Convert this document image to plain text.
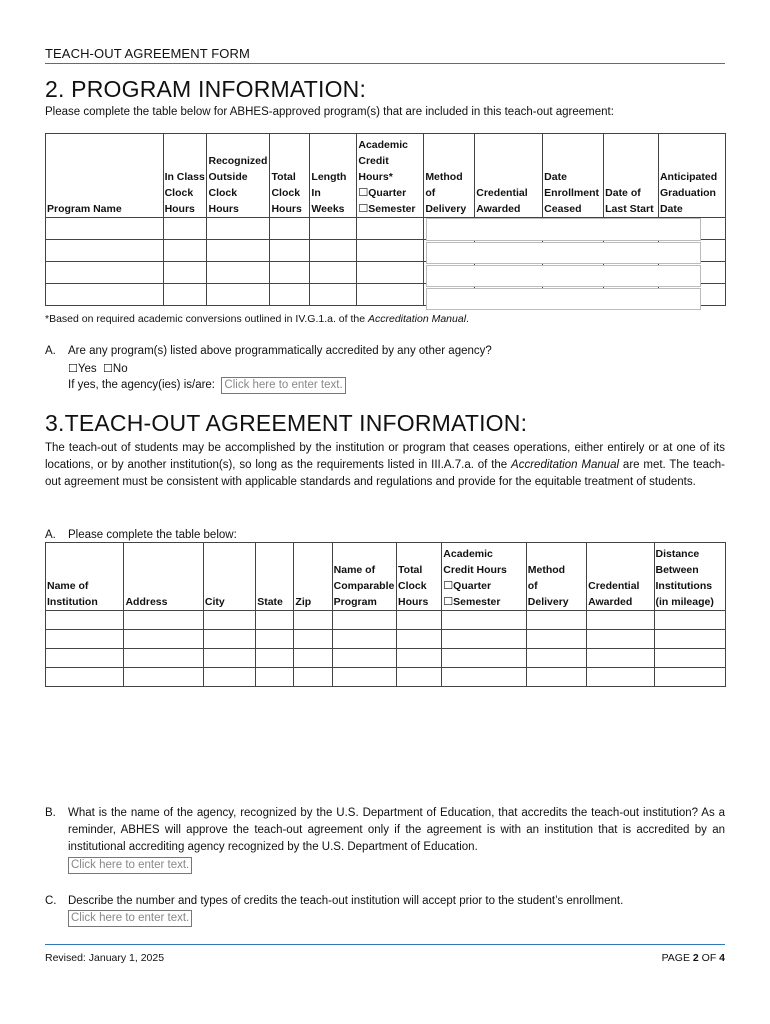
TEACH-OUT AGREEMENT FORM
2. PROGRAM INFORMATION:
Please complete the table below for ABHES-approved program(s) that are included in this teach-out agreement:
Program Name	In Class
Clock
Hours	Recognized
Outside
Clock
Hours	Total
Clock
Hours	Length
In
Weeks	Academic
Credit
Hours*
☐Quarter
☐Semester	Method
of
Delivery	Credential
Awarded	Date
Enrollment
Ceased	Date of
Last Start	Anticipated
Graduation
Date

*Based on required academic conversions outlined in IV.G.1.a. of the Accreditation Manual.
A. Are any program(s) listed above programmatically accredited by any other agency?
☐Yes ☐No
If yes, the agency(ies) is/are: Click here to enter text.
3.TEACH-OUT AGREEMENT INFORMATION:
The teach-out of students may be accomplished by the institution or program that ceases operations, either entirely or at one of its locations, or by another institution(s), so long as the requirements listed in III.A.7.a. of the Accreditation Manual are met. The teach-out agreement must be consistent with applicable standards and regulations and provide for the equitable treatment of students.
A. Please complete the table below:
Name of
Institution	Address	City	State	Zip	Name of
Comparable
Program	Total
Clock
Hours	Academic
Credit Hours
☐Quarter
☐Semester	Method
of
Delivery	Credential
Awarded	Distance
Between
Institutions
(in mileage)

B.	What is the name of the agency, recognized by the U.S. Department of Education, that accredits the teach-out institution? As a reminder, ABHES will approve the teach-out agreement only if the agreement is with an institution that is accredited by an institutional accrediting agency recognized by the U.S. Department of Education.
Click here to enter text.
C.	Describe the number and types of credits the teach-out institution will accept prior to the student’s enrollment.
Click here to enter text.
Revised: January 1, 2025	PAGE 2 OF 4
